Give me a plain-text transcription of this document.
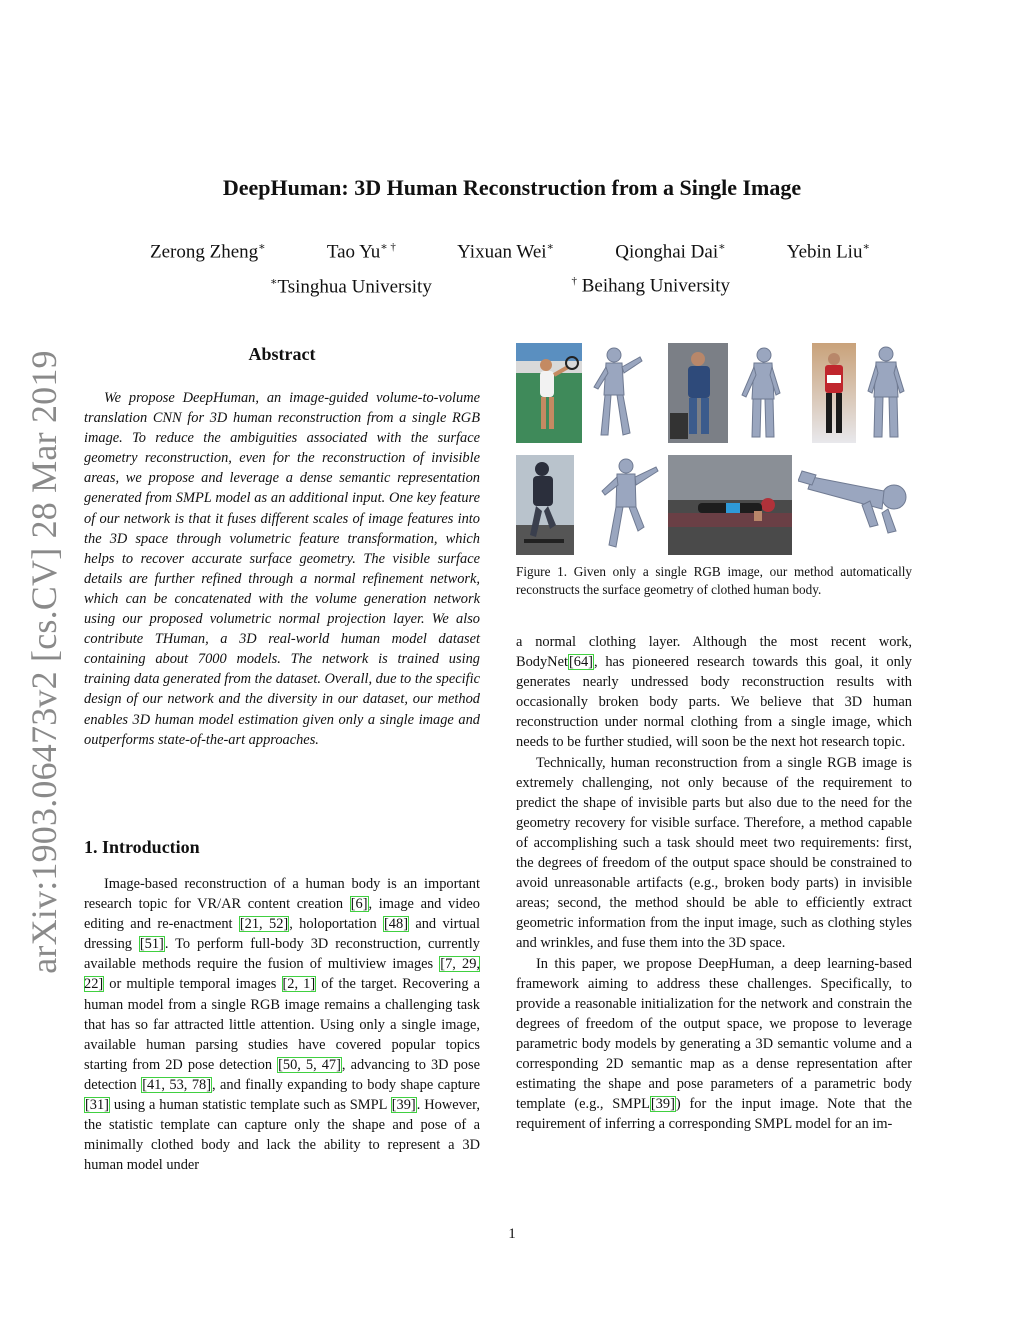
arXiv:1903.06473v2 [cs.CV] 28 Mar 2019
DeepHuman: 3D Human Reconstruction from a Single Image
Zerong Zheng∗	Tao Yu∗ †	Yixuan Wei∗	Qionghai Dai∗	Yebin Liu∗
∗Tsinghua University	† Beihang University
Abstract
We propose DeepHuman, an image-guided volume-to-volume translation CNN for 3D human reconstruction from a single RGB image. To reduce the ambiguities associated with the surface geometry reconstruction, even for the reconstruction of invisible areas, we propose and leverage a dense semantic representation generated from SMPL model as an additional input. One key feature of our network is that it fuses different scales of image features into the 3D space through volumetric feature transformation, which helps to recover accurate surface geometry. The visible surface details are further refined through a normal refinement network, which can be concatenated with the volume generation network using our proposed volumetric normal projection layer. We also contribute THuman, a 3D real-world human model dataset containing about 7000 models. The network is trained using training data generated from the dataset. Overall, due to the specific design of our network and the diversity in our dataset, our method enables 3D human model estimation given only a single image and outperforms state-of-the-art approaches.
1. Introduction

Image-based reconstruction of a human body is an important research topic for VR/AR content creation [6], image and video editing and re-enactment [21, 52], holoportation [48] and virtual dressing [51]. To perform full-body 3D reconstruction, currently available methods require the fusion of multiview images [7, 29, 22] or multiple temporal images [2, 1] of the target. Recovering a human model from a single RGB image remains a challenging task that has so far attracted little attention. Using only a single image, available human parsing studies have covered popular topics starting from 2D pose detection [50, 5, 47], advancing to 3D pose detection [41, 53, 78], and finally expanding to body shape capture [31] using a human statistic template such as SMPL [39]. However, the statistic template can capture only the shape and pose of a minimally clothed body and lack the ability to represent a 3D human model under

Figure 1. Given only a single RGB image, our method automatically reconstructs the surface geometry of clothed human body.

a normal clothing layer. Although the most recent work, BodyNet[64], has pioneered research towards this goal, it only generates nearly undressed body reconstruction results with occasionally broken body parts. We believe that 3D human reconstruction under normal clothing from a single image, which needs to be further studied, will soon be the next hot research topic.

Technically, human reconstruction from a single RGB image is extremely challenging, not only because of the requirement to predict the shape of invisible parts but also due to the need for the geometry recovery for visible surface. Therefore, a method capable of accomplishing such a task should meet two requirements: first, the degrees of freedom of the output space should be constrained to avoid unreasonable artifacts (e.g., broken body parts) in invisible areas; second, the method should be able to efficiently extract geometric information from the input image, such as clothing styles and wrinkles, and fuse them into the 3D space.

In this paper, we propose DeepHuman, a deep learning-based framework aiming to address these challenges. Specifically, to provide a reasonable initialization for the network and constrain the degrees of freedom of the output space, we propose to leverage parametric body models by generating a 3D semantic volume and a corresponding 2D semantic map as a dense representation after estimating the shape and pose parameters of a parametric body template (e.g., SMPL[39]) for the input image. Note that the requirement of inferring a corresponding SMPL model for an im-

1
